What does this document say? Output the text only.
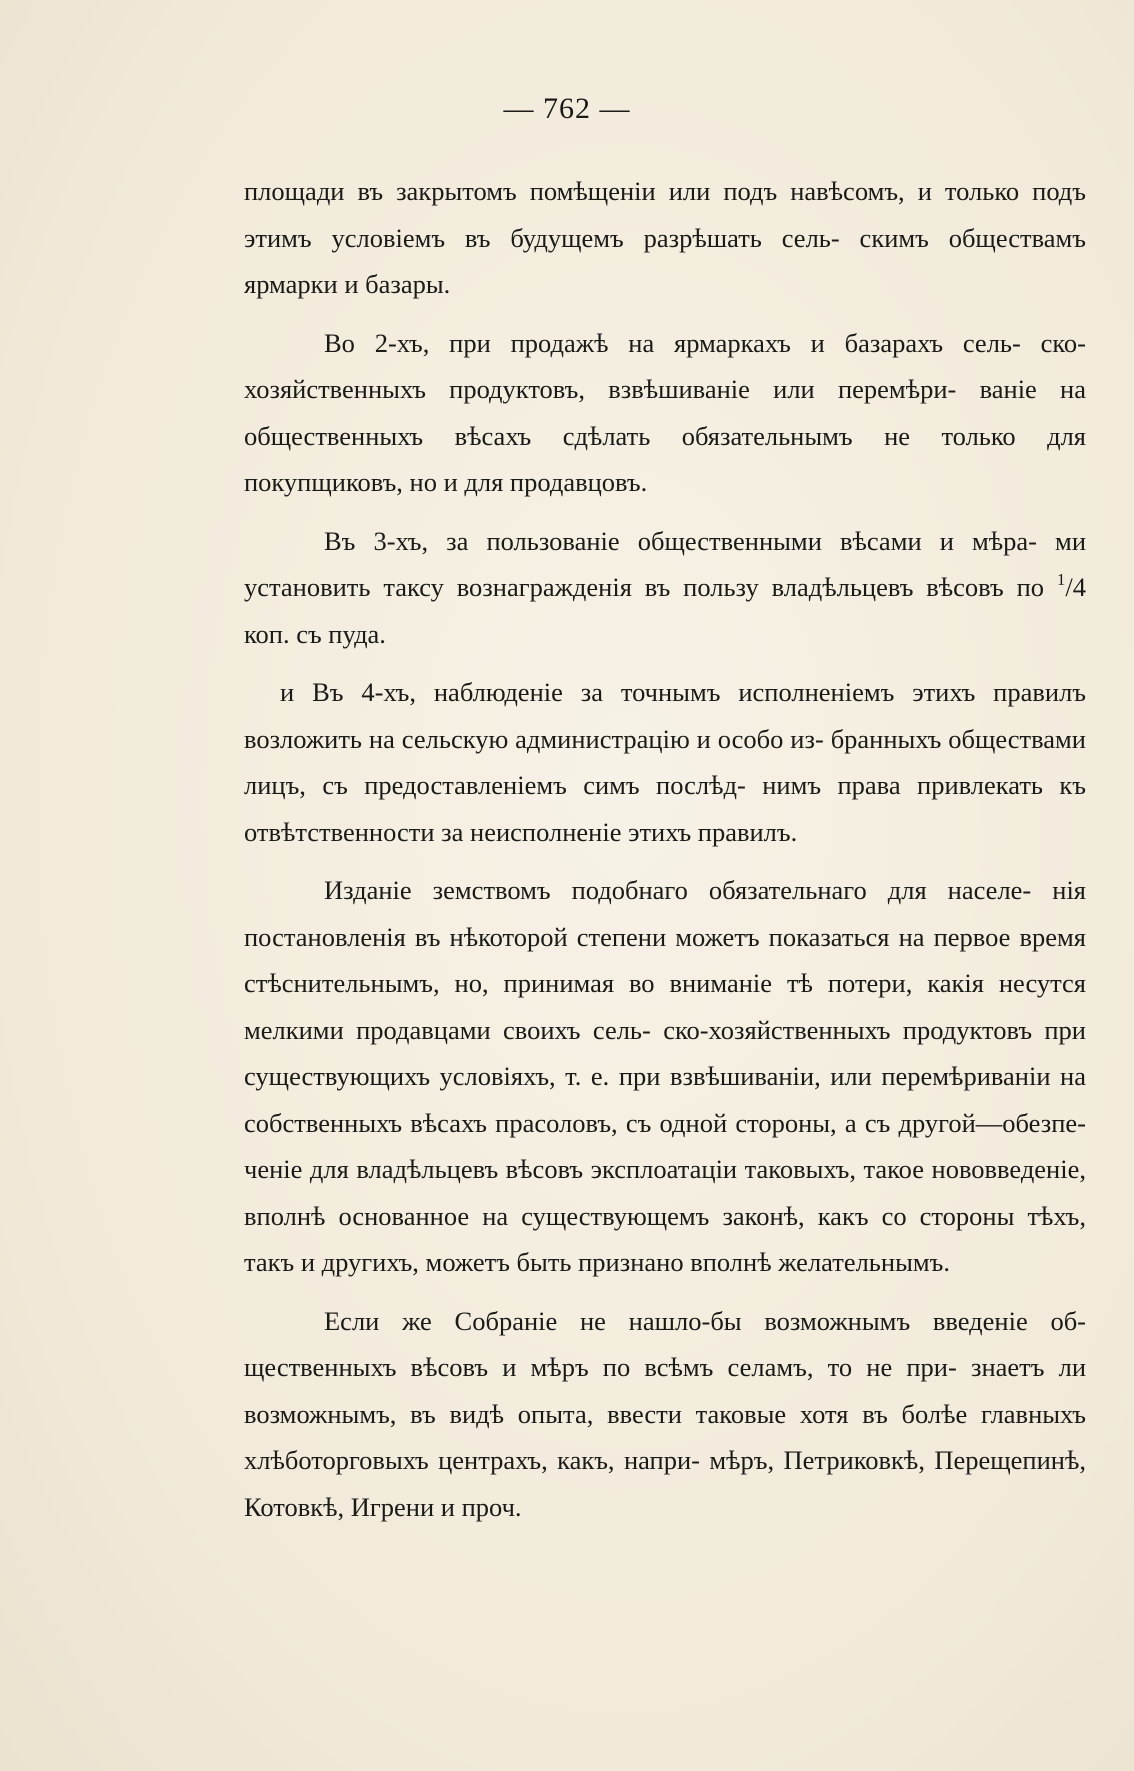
— 762 —

площади въ закрытомъ помѣщеніи или подъ навѣсомъ, и только подъ этимъ условіемъ въ будущемъ разрѣшать сель- скимъ обществамъ ярмарки и базары.

Во 2-хъ, при продажѣ на ярмаркахъ и базарахъ сель- ско-хозяйственныхъ продуктовъ, взвѣшиваніе или перемѣри- ваніе на общественныхъ вѣсахъ сдѣлать обязательнымъ не только для покупщиковъ, но и для продавцовъ.

Въ 3-хъ, за пользованіе общественными вѣсами и мѣра- ми установить таксу вознагражденія въ пользу владѣльцевъ вѣсовъ по $^1$/4 коп. съ пуда.

и Въ 4-хъ, наблюденіе за точнымъ исполненіемъ этихъ правилъ возложить на сельскую администрацію и особо из- бранныхъ обществами лицъ, съ предоставленіемъ симъ послѣд- нимъ права привлекать къ отвѣтственности за неисполненіе этихъ правилъ.

Изданіе земствомъ подобнаго обязательнаго для населе- нія постановленія въ нѣкоторой степени можетъ показаться на первое время стѣснительнымъ, но, принимая во вниманіе тѣ потери, какія несутся мелкими продавцами своихъ сель- ско-хозяйственныхъ продуктовъ при существующихъ условіяхъ, т. е. при взвѣшиваніи, или перемѣриваніи на собственныхъ вѣсахъ прасоловъ, съ одной стороны, а съ другой—обезпе- ченіе для владѣльцевъ вѣсовъ эксплоатаціи таковыхъ, такое нововведеніе, вполнѣ основанное на существующемъ законѣ, какъ со стороны тѣхъ, такъ и другихъ, можетъ быть признано вполнѣ желательнымъ.

Если же Собраніе не нашло-бы возможнымъ введеніе об- щественныхъ вѣсовъ и мѣръ по всѣмъ селамъ, то не при- знаетъ ли возможнымъ, въ видѣ опыта, ввести таковые хотя въ болѣе главныхъ хлѣботорговыхъ центрахъ, какъ, напри- мѣръ, Петриковкѣ, Перещепинѣ, Котовкѣ, Игрени и проч.
